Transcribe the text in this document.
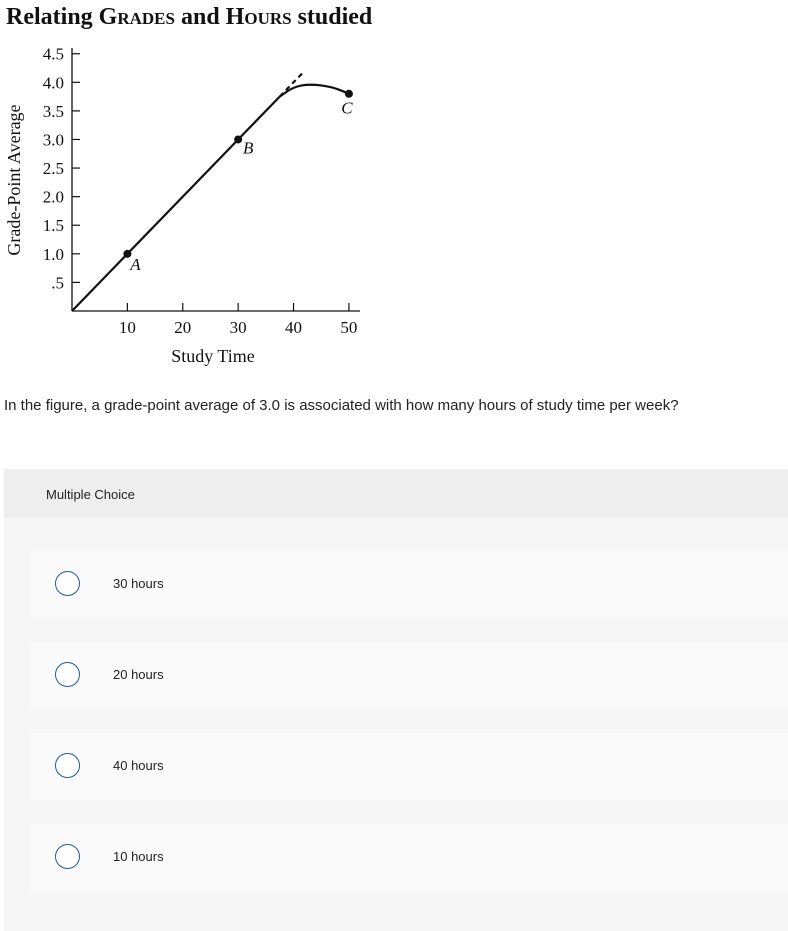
Relating Grades and Hours studied
.5
1.0
1.5
2.0
2.5
3.0
3.5
4.0
4.5
10 20 30 40 50
A
B
C
Grade-Point Average
Study Time
In the figure, a grade-point average of 3.0 is associated with how many hours of study time per week?
Multiple Choice
30 hours
20 hours
40 hours
10 hours
